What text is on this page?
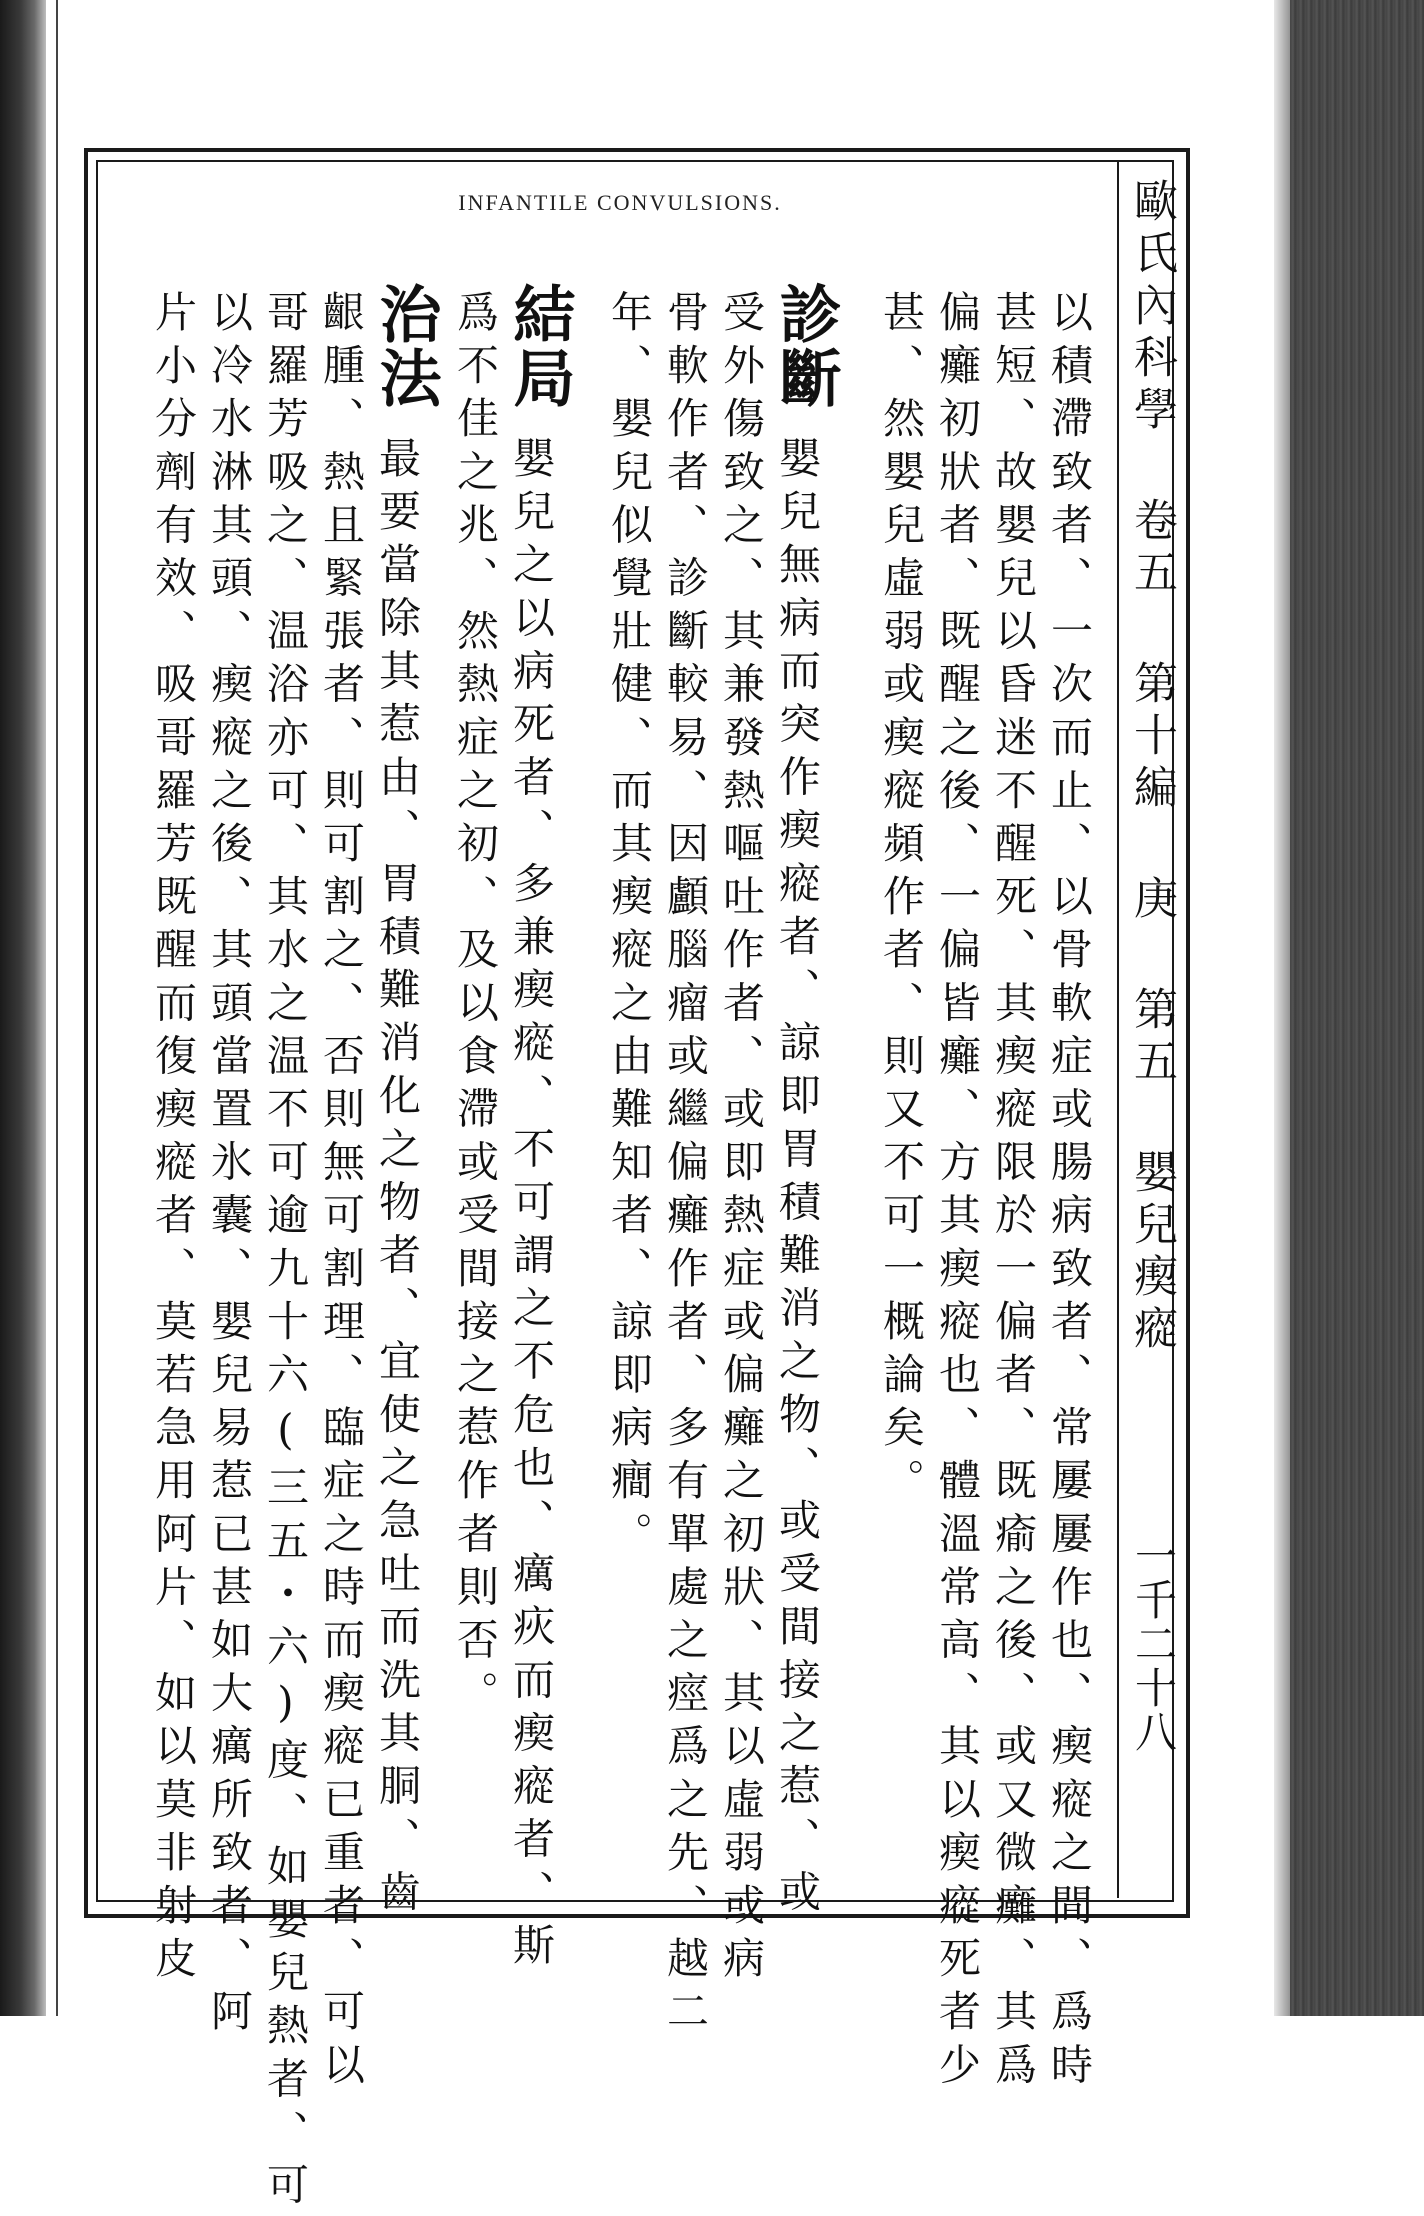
INFANTILE CONVULSIONS.	歐氏內科學 卷五 第十編 庚 第五 嬰兒瘈瘲
一千二十八
以積滯致者、一次而止、以骨軟症或腸病致者、常屢屢作也、瘈瘲之間、爲時
甚短、故嬰兒以昏迷不醒死、其瘈瘲限於一偏者、既瘉之後、或又微癱、其爲
偏癱初狀者、既醒之後、一偏皆癱、方其瘈瘲也、體溫常高、其以瘈瘲死者少
甚、然嬰兒虛弱或瘈瘲頻作者、則又不可一概論矣。
診斷
嬰兒無病而突作瘈瘲者、諒即胃積難消之物、或受間接之惹、或
受外傷致之、其兼發熱嘔吐作者、或即熱症或偏癱之初狀、其以虛弱或病
骨軟作者、診斷較易、因顱腦瘤或繼偏癱作者、多有單處之痙爲之先、越二
年、嬰兒似覺壯健、而其瘈瘲之由難知者、諒即病癎。
結局
嬰兒之以病死者、多兼瘈瘲、不可謂之不危也、癘疢而瘈瘲者、斯
爲不佳之兆、然熱症之初、及以食滯或受間接之惹作者則否。
治法
最要當除其惹由、胃積難消化之物者、宜使之急吐而洗其胴、齒
齦腫、熱且緊張者、則可割之、否則無可割理、臨症之時而瘈瘲已重者、可以
哥羅芳吸之、温浴亦可、其水之温不可逾九十六(三五・六)度、如嬰兒熱者、可
以冷水淋其頭、瘈瘲之後、其頭當置氷囊、嬰兒易惹已甚如大癘所致者、阿
片小分劑有效、吸哥羅芳既醒而復瘈瘲者、莫若急用阿片、如以莫非射皮
